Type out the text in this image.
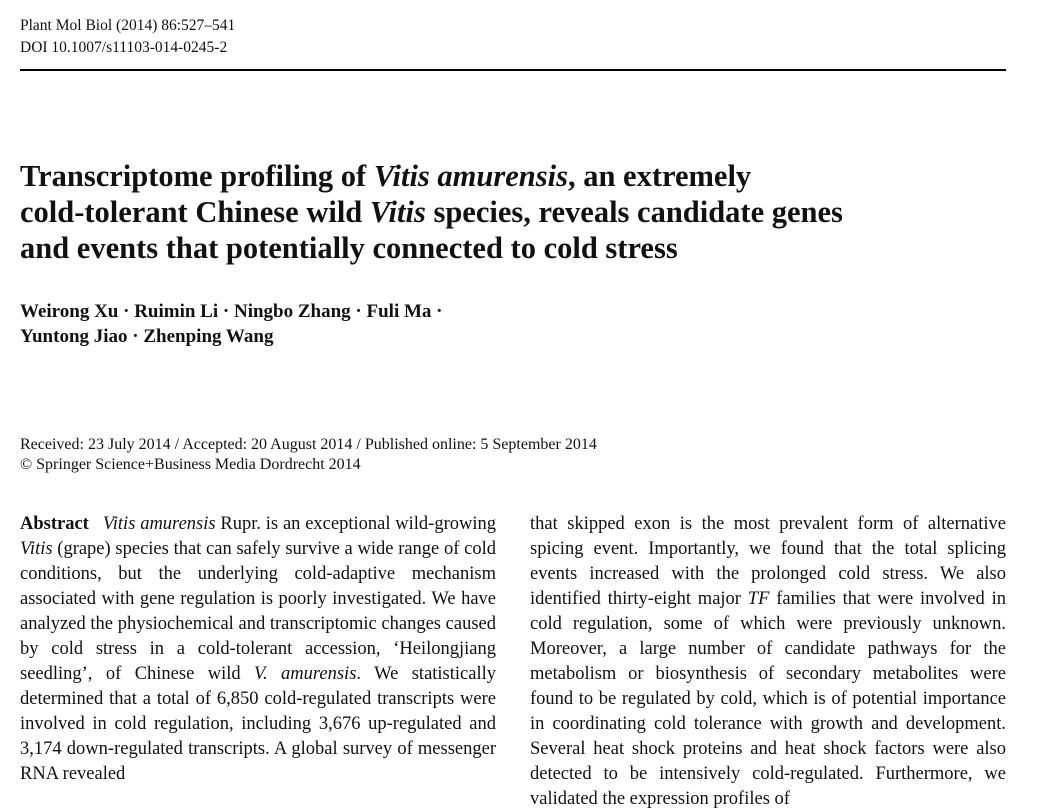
Plant Mol Biol (2014) 86:527–541
DOI 10.1007/s11103-014-0245-2
Transcriptome profiling of Vitis amurensis, an extremely
cold-tolerant Chinese wild Vitis species, reveals candidate genes
and events that potentially connected to cold stress
Weirong Xu · Ruimin Li · Ningbo Zhang · Fuli Ma ·
Yuntong Jiao · Zhenping Wang
Received: 23 July 2014 / Accepted: 20 August 2014 / Published online: 5 September 2014
© Springer Science+Business Media Dordrecht 2014

Abstract Vitis amurensis Rupr. is an exceptional wild-growing Vitis (grape) species that can safely survive a wide range of cold conditions, but the underlying cold-adaptive mechanism associated with gene regulation is poorly investigated. We have analyzed the physiochemical and transcriptomic changes caused by cold stress in a cold-tolerant accession, ‘Heilongjiang seedling’, of Chinese wild V. amurensis. We statistically determined that a total of 6,850 cold-regulated transcripts were involved in cold regulation, including 3,676 up-regulated and 3,174 down-regulated transcripts. A global survey of messenger RNA revealed

that skipped exon is the most prevalent form of alternative spicing event. Importantly, we found that the total splicing events increased with the prolonged cold stress. We also identified thirty-eight major TF families that were involved in cold regulation, some of which were previously unknown. Moreover, a large number of candidate pathways for the metabolism or biosynthesis of secondary metabolites were found to be regulated by cold, which is of potential importance in coordinating cold tolerance with growth and development. Several heat shock proteins and heat shock factors were also detected to be intensively cold-regulated. Furthermore, we validated the expression profiles of
